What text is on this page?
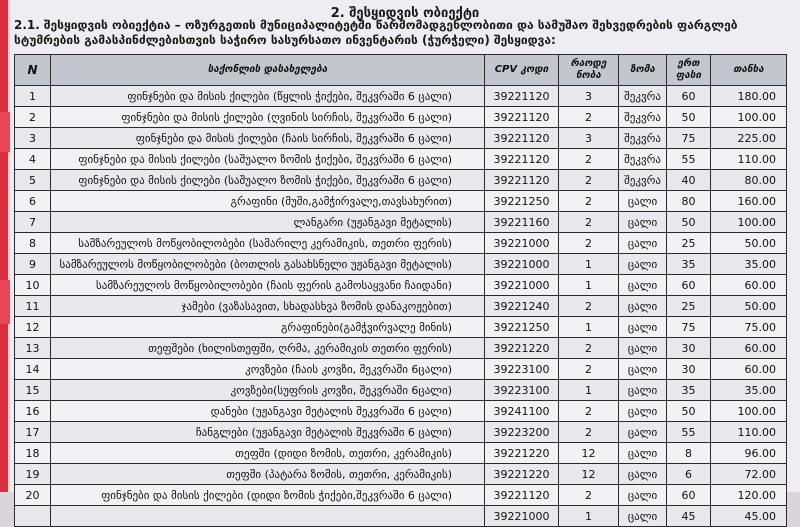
2. შესყიდვის ობიექტი
2.1. შესყიდვის ობიექტია – ოზურგეთის მუნიციპალიტეტში წარმომადგენლობითი და სამუშაო შეხვედრების ფარგლებ სტუმრების გამასპინძლებისთვის საჭირო სასურსათო ინვენტარის (ჭურჭელი) შესყიდვა:
N	საქონლის დასახელება	CPV კოდი	რაოდე ნობა	ზომა	ერთ ფასი	თანხა
1	ფინჯნები და მისის ქილები (წყლის ჭიქები, შეკვრაში 6 ცალი)	39221120	3	შეკვრა	60	180.00
2	ფინჯნები და მისის ქილები (ღვინის სირჩის, შეკვრაში 6 ცალი)	39221120	2	შეკვრა	50	100.00
3	ფინჯნები და მისის ქილები (ჩაის სირჩის, შეკვრაში 6 ცალი)	39221120	3	შეკვრა	75	225.00
4	ფინჯნები და მისის ქილები (საშუალო ზომის ჭიქები, შეკვრაში 6 ცალი)	39221120	2	შეკვრა	55	110.00
5	ფინჯნები და მისის ქილები (საშუალო ზომის ჭიქები, შეკვრაში 6 ცალი)	39221120	2	შეკვრა	40	80.00
6	გრაფინი (მუში,გამჭირვალე,თავსახურით)	39221250	2	ცალი	80	160.00
7	ლანგარი (უჟანგავი მეტალის)	39221160	2	ცალი	50	100.00
8	სამზარეულოს მოწყობილობები (სამარილე კერამიკის, თეთრი ფერის)	39221000	2	ცალი	25	50.00
9	სამზარეულოს მოწყობილობები (ბოთლის გასახსნელი უჟანგავი მეტალის)	39221000	1	ცალი	35	35.00
10	სამზარეულოს მოწყობილობები (ჩაის ფერის გამოსაყვანი ჩაიდანი)	39221000	1	ცალი	60	60.00
11	ჯამები (ვაზასავით, სხადასხვა ზომის დანაკოჟებით)	39221240	2	ცალი	25	50.00
12	გრაფინები(გამჭვირვალე მინის)	39221250	1	ცალი	75	75.00
13	თეფშები (ხილისთეფში, ღრმა, კერამიკის თეთრი ფერის)	39221220	2	ცალი	30	60.00
14	კოვზები (ჩაის კოვზი, შეკვრაში 6ცალი)	39223100	2	ცალი	30	60.00
15	კოვზები(სუფრის კოვზი, შეკვრაში 6ცალი)	39223100	1	ცალი	35	35.00
16	დანები (უჟანგავი მეტალის შეკვრაში 6 ცალი)	39241100	2	ცალი	50	100.00
17	ჩანგლები (უჟანგავი მეტალის შეკვრაში 6 ცალი)	39223200	2	ცალი	55	110.00
18	თეფში (დიდი ზომის, თეთრი, კერამიკის)	39221220	12	ცალი	8	96.00
19	თეფში (პატარა ზომის, თეთრი, კერამიკის)	39221220	12	ცალი	6	72.00
20	ფინჯნები და მისის ქილები (დიდი ზომის ჭიქები,შეკვრაში 6 ცალი)	39221120	2	ცალი	60	120.00
		39221000	1	ცალი	45	45.00
